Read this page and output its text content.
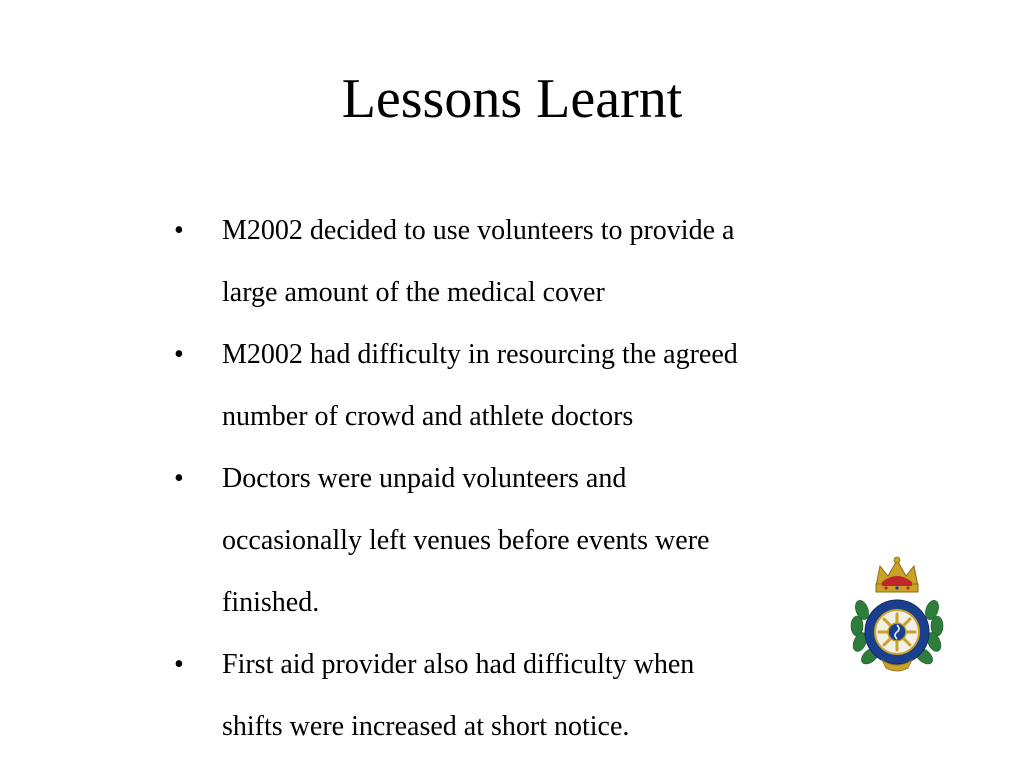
Lessons Learnt
• M2002 decided to use volunteers to provide a
large amount of the medical cover
• M2002 had difficulty in resourcing the agreed
number of crowd and athlete doctors
• Doctors were unpaid volunteers and
occasionally left venues before events were
finished.
• First aid provider also had difficulty when
shifts were increased at short notice.
